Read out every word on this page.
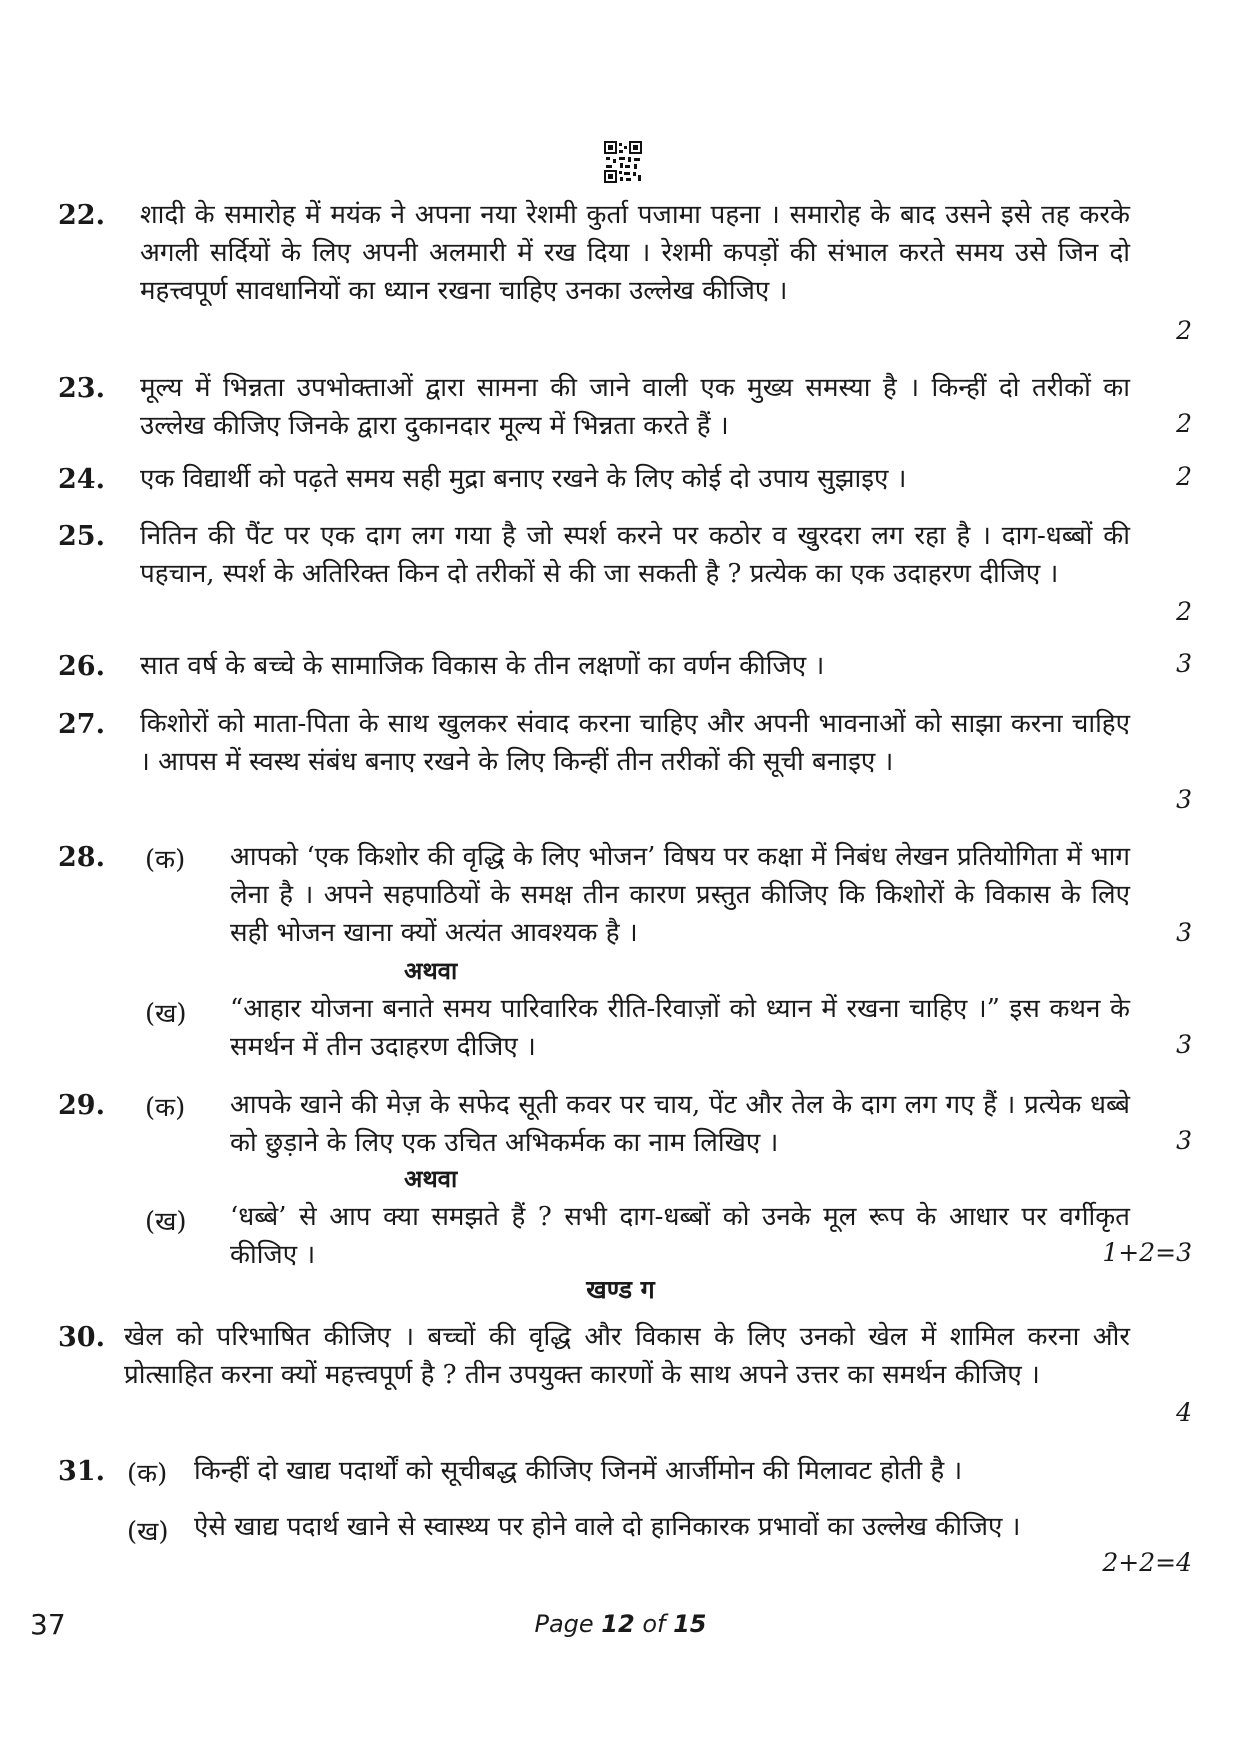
22. शादी के समारोह में मयंक ने अपना नया रेशमी कुर्ता पजामा पहना । समारोह के बाद उसने इसे तह करके अगली सर्दियों के लिए अपनी अलमारी में रख दिया । रेशमी कपड़ों की संभाल करते समय उसे जिन दो महत्त्वपूर्ण सावधानियों का ध्यान रखना चाहिए उनका उल्लेख कीजिए ।
2
23. मूल्य में भिन्नता उपभोक्ताओं द्वारा सामना की जाने वाली एक मुख्य समस्या है । किन्हीं दो तरीकों का उल्लेख कीजिए जिनके द्वारा दुकानदार मूल्य में भिन्नता करते हैं ।	2
24. एक विद्यार्थी को पढ़ते समय सही मुद्रा बनाए रखने के लिए कोई दो उपाय सुझाइए ।	2
25. नितिन की पैंट पर एक दाग लग गया है जो स्पर्श करने पर कठोर व खुरदरा लग रहा है । दाग-धब्बों की पहचान, स्पर्श के अतिरिक्त किन दो तरीकों से की जा सकती है ? प्रत्येक का एक उदाहरण दीजिए ।
2
26. सात वर्ष के बच्चे के सामाजिक विकास के तीन लक्षणों का वर्णन कीजिए ।	3
27. किशोरों को माता-पिता के साथ खुलकर संवाद करना चाहिए और अपनी भावनाओं को साझा करना चाहिए । आपस में स्वस्थ संबंध बनाए रखने के लिए किन्हीं तीन तरीकों की सूची बनाइए ।
3
28. (क) आपको ‘एक किशोर की वृद्धि के लिए भोजन’ विषय पर कक्षा में निबंध लेखन प्रतियोगिता में भाग लेना है । अपने सहपाठियों के समक्ष तीन कारण प्रस्तुत कीजिए कि किशोरों के विकास के लिए सही भोजन खाना क्यों अत्यंत आवश्यक है ।	3
अथवा
(ख) “आहार योजना बनाते समय पारिवारिक रीति-रिवाज़ों को ध्यान में रखना चाहिए ।” इस कथन के समर्थन में तीन उदाहरण दीजिए ।	3
29. (क) आपके खाने की मेज़ के सफेद सूती कवर पर चाय, पेंट और तेल के दाग लग गए हैं । प्रत्येक धब्बे को छुड़ाने के लिए एक उचित अभिकर्मक का नाम लिखिए ।	3
अथवा
(ख) ‘धब्बे’ से आप क्या समझते हैं ? सभी दाग-धब्बों को उनके मूल रूप के आधार पर वर्गीकृत कीजिए ।	1+2=3
खण्ड ग
30. खेल को परिभाषित कीजिए । बच्चों की वृद्धि और विकास के लिए उनको खेल में शामिल करना और प्रोत्साहित करना क्यों महत्त्वपूर्ण है ? तीन उपयुक्त कारणों के साथ अपने उत्तर का समर्थन कीजिए ।
4
31. (क) किन्हीं दो खाद्य पदार्थों को सूचीबद्ध कीजिए जिनमें आर्जीमोन की मिलावट होती है ।
(ख) ऐसे खाद्य पदार्थ खाने से स्वास्थ्य पर होने वाले दो हानिकारक प्रभावों का उल्लेख कीजिए ।
2+2=4
37	Page 12 of 15
